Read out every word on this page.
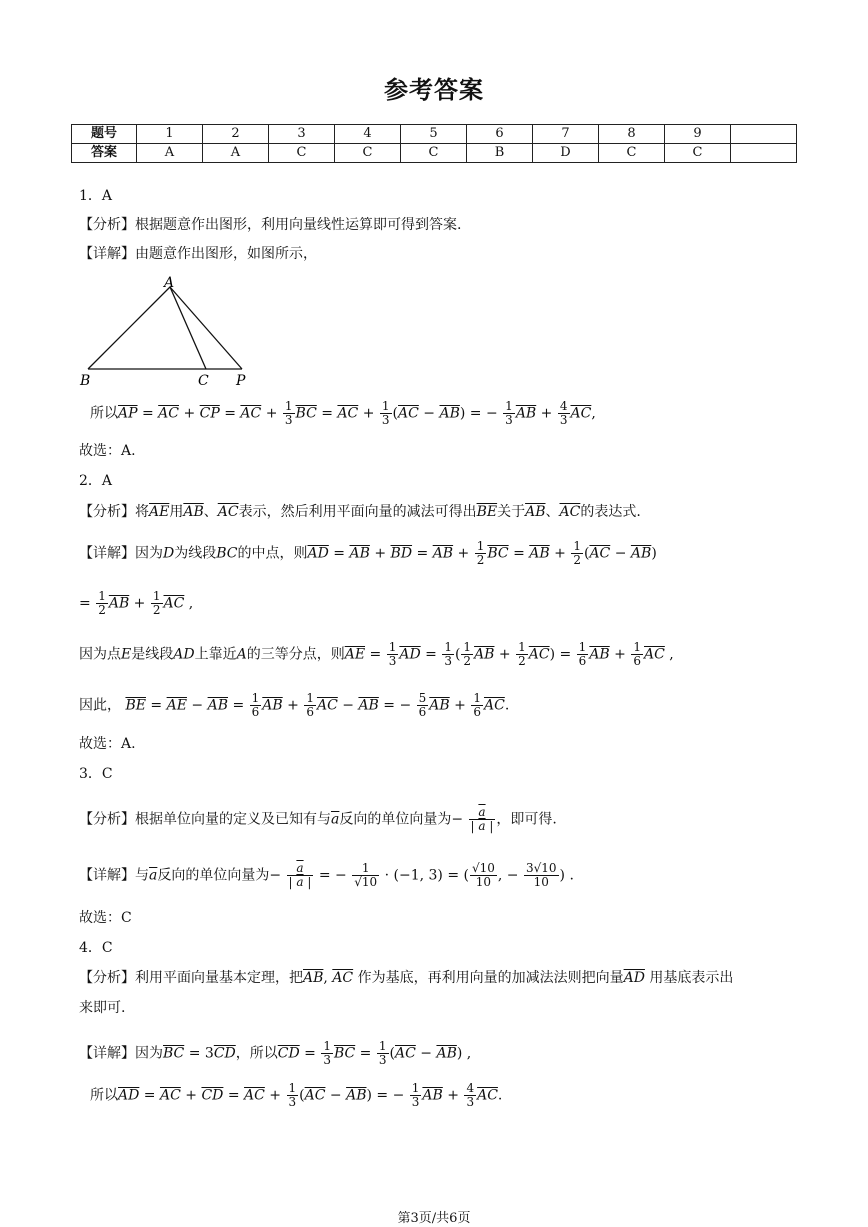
参考答案
题号	1	2	3	4	5	6	7	8	9	
答案	A	A	C	C	C	B	D	C	C	
1．A
【分析】根据题意作出图形，利用向量线性运算即可得到答案.
【详解】由题意作出图形，如图所示，
A
B	C P
所以$\overline{AP} = \overline{AC} + \overline{CP} = \overline{AC} + \frac{1}{3} \overline{BC} = \overline{AC} + \frac{1}{3} (\overline{AC} - \overline{AB})$ = − $\frac{1}{3} \overline{AB} + \frac{4}{3} \overline{AC}$,
故选：A.
2．A
【分析】将$\overline{AE}$用$\overline{AB}$、$\overline{AC}$表示，然后利用平面向量的减法可得出$\overline{BE}$关于$\overline{AB}$、$\overline{AC}$的表达式.
【详解】因为D为线段BC的中点，则$\overline{AD} = \overline{AB} + \overline{BD} = \overline{AB} + \frac{1}{2} \overline{BC} = \overline{AB} + \frac{1}{2} (\overline{AC} - \overline{AB})$
= $\frac{1}{2} \overline{AB} + \frac{1}{2} \overline{AC}$ ,
因为点E是线段AD上靠近A的三等分点，则$\overline{AE} = \frac{1}{3} \overline{AD} = \frac{1}{3}$ ( $\frac{1}{2} \overline{AB} + \frac{1}{2} \overline{AC}) = \frac{1}{6} \overline{AB} + \frac{1}{6} \overline{AC}$ ,
因此， $\overline{BE} = \overline{AE} - \overline{AB} = \frac{1}{6} \overline{AB} + \frac{1}{6} \overline{AC} - \overline{AB}$ = − $\frac{5}{6} \overline{AB} + \frac{1}{6} \overline{AC}$.
故选：A.
3．C
【分析】根据单位向量的定义及已知有与$\overline{a}$反向的单位向量为− $\frac{\overline{a}}{| \overline{a} |}$ ，即可得.
【详解】与$\overline{a}$反向的单位向量为− $\frac{\overline{a}}{| \overline{a} |}$ = − $\frac{1}{√10} \cdot (-1$, 3) = ( $\frac{√10}{10}$ , − $\frac{3√10}{10}$ ) .
故选：C
4．C
【分析】利用平面向量基本定理，把$\overline{AB}$, $\overline{AC}$ 作为基底，再利用向量的加减法法则把向量$\overline{AD}$ 用基底表示出
来即可.
【详解】因为$\overline{BC} = 3\overline{CD}$，所以$\overline{CD} = \frac{1}{3} \overline{BC} = \frac{1}{3} (\overline{AC} - \overline{AB})$ ,
所以$\overline{AD} = \overline{AC} + \overline{CD} = \overline{AC} + \frac{1}{3} (\overline{AC} - \overline{AB})$ = − $\frac{1}{3} \overline{AB} + \frac{4}{3} \overline{AC}$.
第3页/共6页
